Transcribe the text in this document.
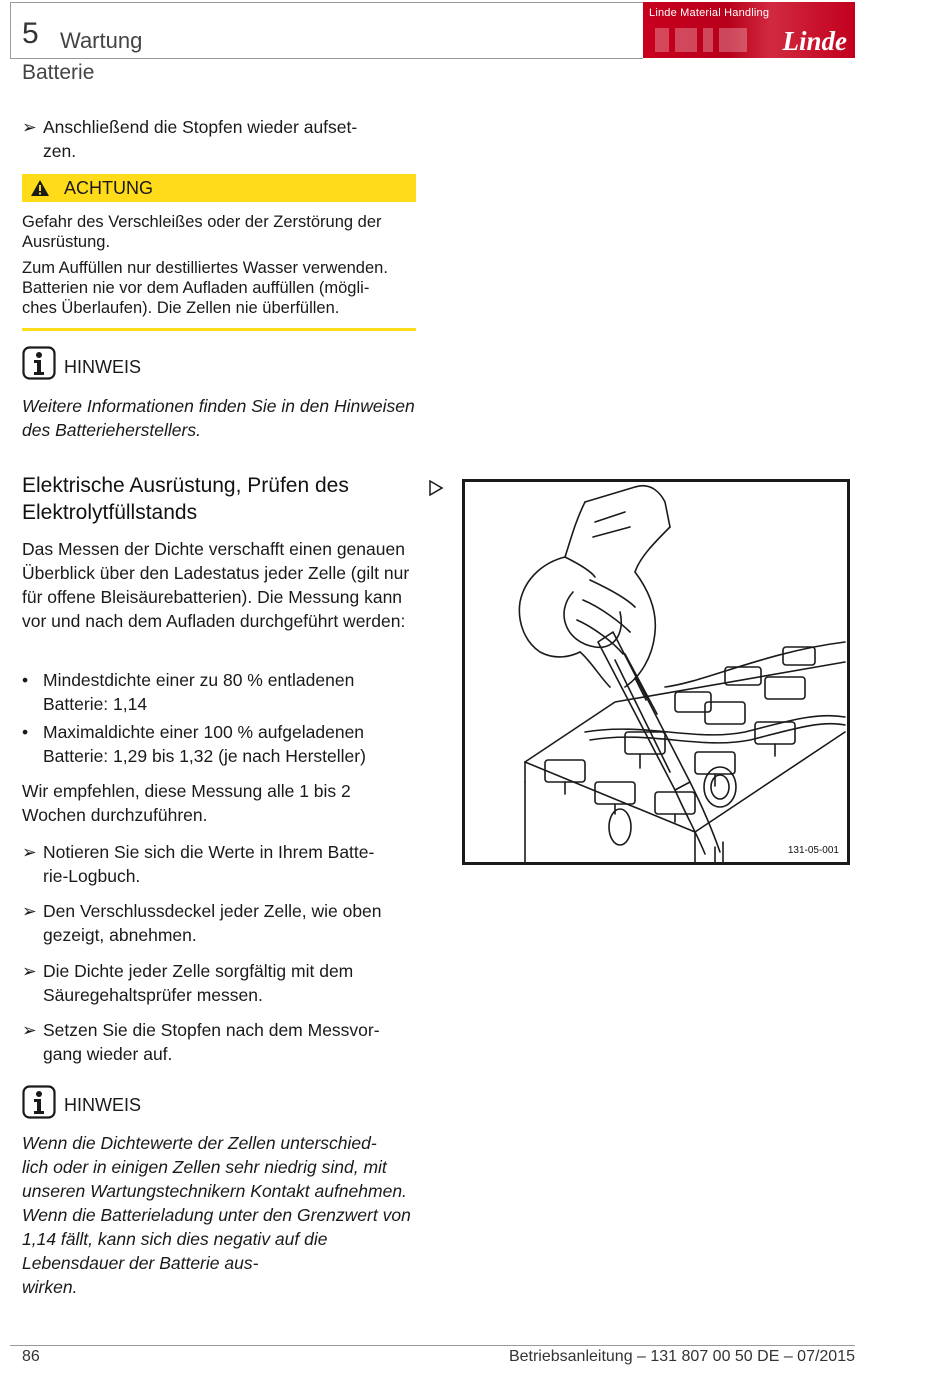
5 Wartung
Batterie
Linde Material Handling
Linde
➢ Anschließend die Stopfen wieder aufset-
zen.
ACHTUNG

Gefahr des Verschleißes oder der Zerstörung der Ausrüstung.

Zum Auffüllen nur destilliertes Wasser verwenden. Batterien nie vor dem Aufladen auffüllen (mögli-
ches Überlaufen). Die Zellen nie überfüllen.

HINWEIS

Weitere Informationen finden Sie in den Hinweisen des Batterieherstellers.

Elektrische Ausrüstung, Prüfen des Elektrolytfüllstands

Das Messen der Dichte verschafft einen genauen Überblick über den Ladestatus jeder Zelle (gilt nur für offene Bleisäurebatterien). Die Messung kann vor und nach dem Aufladen durchgeführt werden:

• Mindestdichte einer zu 80 % entladenen Batterie: 1,14
• Maximaldichte einer 100 % aufgeladenen Batterie: 1,29 bis 1,32 (je nach Hersteller)

Wir empfehlen, diese Messung alle 1 bis 2 Wochen durchzuführen.

➢ Notieren Sie sich die Werte in Ihrem Batte-
rie-Logbuch.
➢ Den Verschlussdeckel jeder Zelle, wie oben gezeigt, abnehmen.
➢ Die Dichte jeder Zelle sorgfältig mit dem Säuregehaltsprüfer messen.
➢ Setzen Sie die Stopfen nach dem Messvor-
gang wieder auf.
131-05-001
HINWEIS

Wenn die Dichtewerte der Zellen unterschied-
lich oder in einigen Zellen sehr niedrig sind, mit unseren Wartungstechnikern Kontakt aufnehmen. Wenn die Batterieladung unter den Grenzwert von 1,14 fällt, kann sich dies negativ auf die Lebensdauer der Batterie aus-
wirken.

86	Betriebsanleitung – 131 807 00 50 DE – 07/2015
